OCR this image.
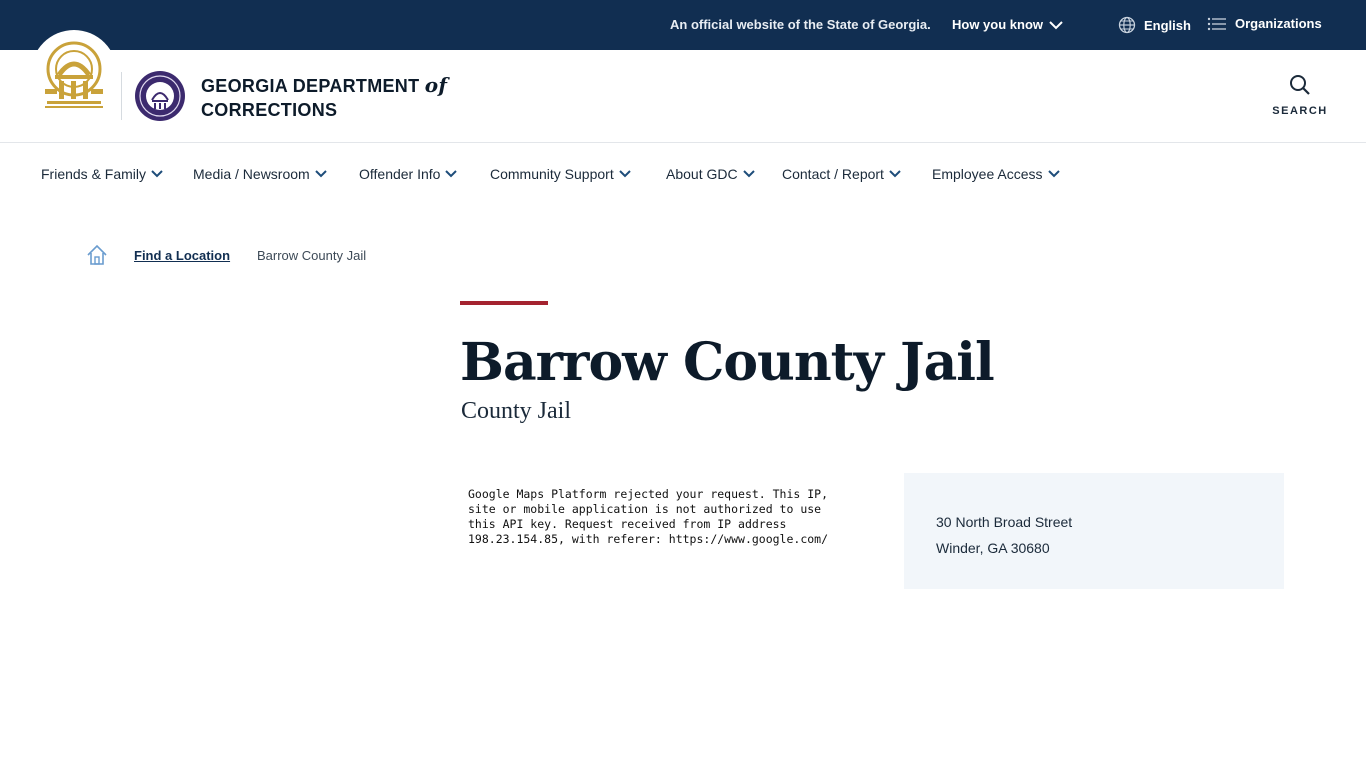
An official website of the State of Georgia. How you know	English	Organizations
GEORGIA DEPARTMENT of
CORRECTIONS	SEARCH
Friends & Family	Media / Newsroom	Offender Info	Community Support	About GDC	Contact / Report	Employee Access
Find a Location Barrow County Jail
Barrow County Jail
County Jail
Google Maps Platform rejected your request. This IP, site or mobile application is not authorized to use this API key. Request received from IP address 198.23.154.85, with referer: https://www.google.com/
30 North Broad Street
Winder, GA 30680
